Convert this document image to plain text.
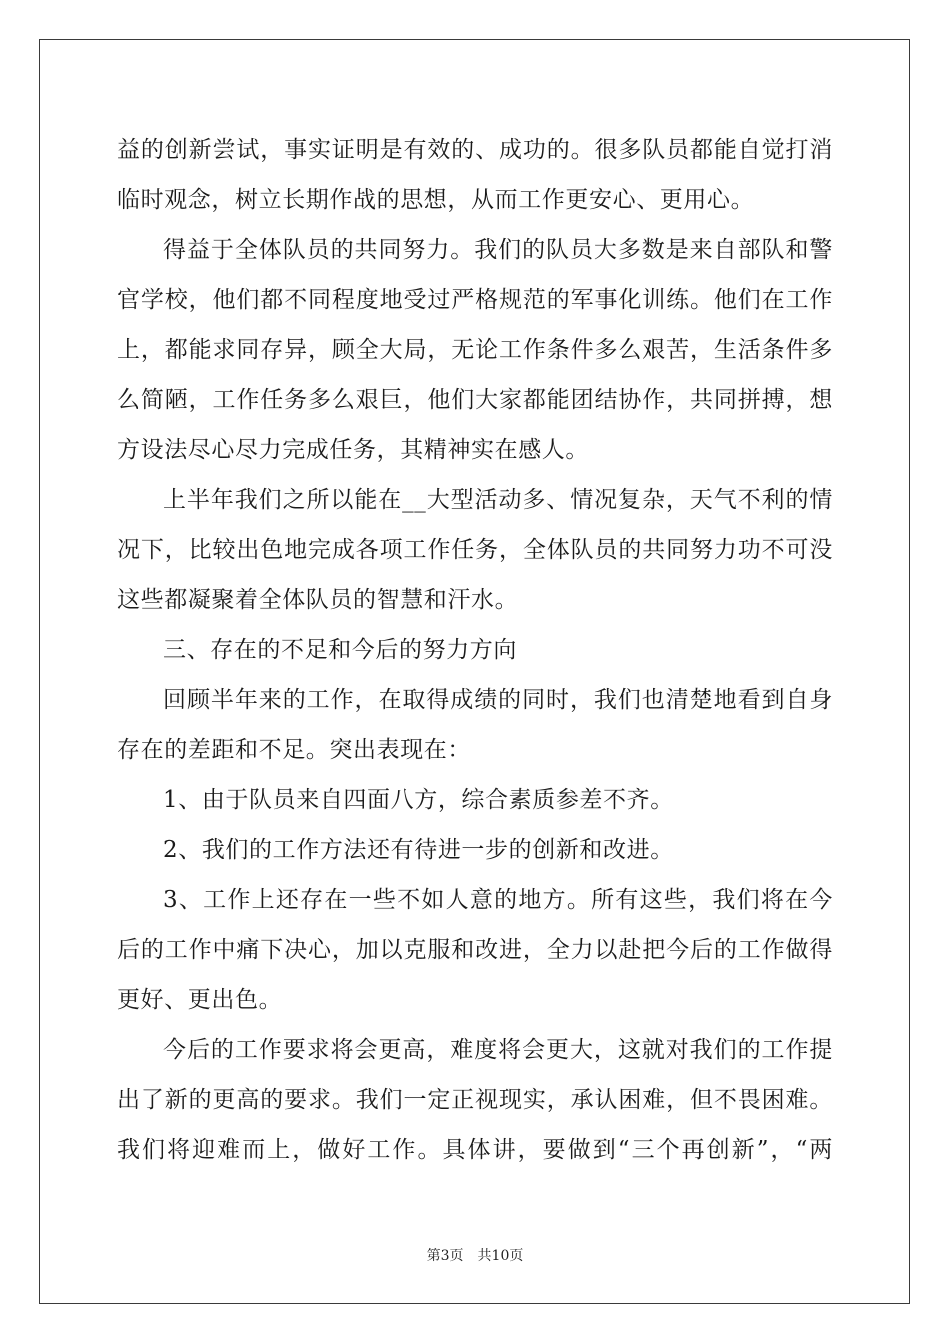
益的创新尝试，事实证明是有效的、成功的。很多队员都能自觉打消
临时观念，树立长期作战的思想，从而工作更安心、更用心。
得益于全体队员的共同努力。我们的队员大多数是来自部队和警
官学校，他们都不同程度地受过严格规范的军事化训练。他们在工作
上，都能求同存异，顾全大局，无论工作条件多么艰苦，生活条件多
么简陋，工作任务多么艰巨，他们大家都能团结协作，共同拼搏，想
方设法尽心尽力完成任务，其精神实在感人。
上半年我们之所以能在__大型活动多、情况复杂，天气不利的情
况下，比较出色地完成各项工作任务，全体队员的共同努力功不可没
这些都凝聚着全体队员的智慧和汗水。
三、存在的不足和今后的努力方向
回顾半年来的工作，在取得成绩的同时，我们也清楚地看到自身
存在的差距和不足。突出表现在：
1、由于队员来自四面八方，综合素质参差不齐。
2、我们的工作方法还有待进一步的创新和改进。
3、工作上还存在一些不如人意的地方。所有这些，我们将在今
后的工作中痛下决心，加以克服和改进，全力以赴把今后的工作做得
更好、更出色。
今后的工作要求将会更高，难度将会更大，这就对我们的工作提
出了新的更高的要求。我们一定正视现实，承认困难，但不畏困难。
我们将迎难而上，做好工作。具体讲，要做到“三个再创新”，“两
第3页 共10页
